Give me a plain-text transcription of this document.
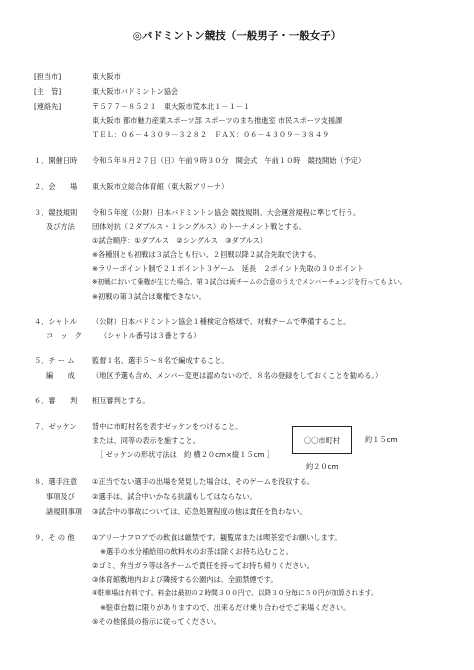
◎バドミントン競技（一般男子・一般女子）
[担当市]	東大阪市
[主　管]	東大阪市バドミントン協会
[連絡先]	〒５７７－８５２１　東大阪市荒本北１－１－１
東大阪市 都市魅力産業スポーツ部 スポーツのまち推進室 市民スポーツ支援課
ＴＥＬ：０６－４３０９－３２８２　ＦＡＸ：０６－４３０９－３８４９
１．開催日時 令和５年８月２７日（日）午前９時３０分　開会式　午前１０時　競技開始（予定）
２．会　　場 東大阪市立総合体育館（東大阪アリーナ）
３．競技規則
及び方法
令和５年度（公財）日本バドミントン協会 競技規則、大会運営規程に準じて行う。
団体対抗（２ダブルス・１シングルス）のトーナメント戦とする。
①試合順序：①ダブルス　②シングルス　③ダブルス）
※各種別とも初戦は３試合とも行い、２回戦以降２試合先取で決する。
※ラリーポイント制で２１ポイント３ゲーム　延長　２ポイント先取の３０ポイント
※初戦において棄権が生じた場合、第３試合は両チームの合意のうえでメンバーチェンジを行ってもよい。
※初戦の第３試合は棄権できない。
４．シャトル
コ　ッ　ク
（公財）日本バドミントン協会１種検定合格球で、対戦チームで準備すること。
（シャトル番号は３番とする）
５．チ ー ム
編　　成
監督１名、選手５～８名で編成すること。
（地区予選も含め、メンバー変更は認めないので、８名の登録をしておくことを勧める。）
６．審　　判 相互審判とする。
７．ゼッケン 背中に市町村名を表すゼッケンをつけること。
または、同等の表示を施すこと。
［ ゼッケンの形状寸法は　約 横２０cm×縦１５cm ］
〇〇市町村	約１５cm
約２０cm
８．選手注意
事項及び
諸規則事項
①正当でない選手の出場を発見した場合は、そのゲームを没収する。
②選手は、試合中いかなる抗議もしてはならない。
③試合中の事故については、応急処置程度の他は責任を負わない。
９．そ の 他 ①アリーナフロアでの飲食は厳禁です。観覧席または喫茶室でお願いします。
※選手の水分補給用の飲料水のお茶は除くお持ち込むこと。
②ゴミ、弁当ガラ等は各チームで責任を持ってお持ち帰りください。
③体育館敷地内および隣接する公園内は、全面禁煙です。
④駐車場は有料です。料金は最初の２時間３００円で、以降３０分毎に５０円が加算されます。
※駐車台数に限りがありますので、出来るだけ乗り合わせでご来場ください。
⑤その他係員の指示に従ってください。
